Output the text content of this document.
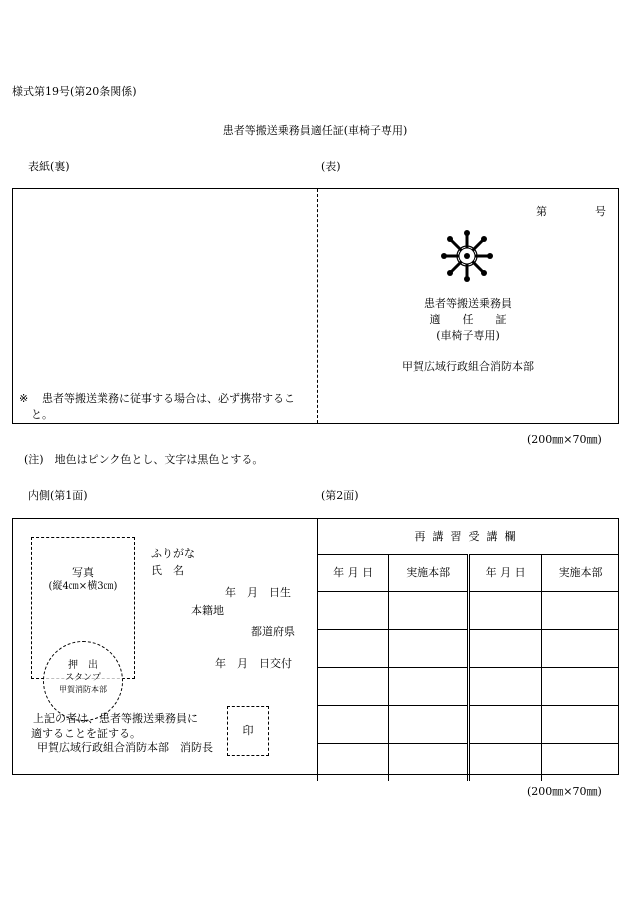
様式第19号(第20条関係)
患者等搬送乗務員適任証(車椅子専用)
表紙(裏)	(表)
第	号
患者等搬送乗務員
適　　任　　証
(車椅子専用)
甲賀広域行政組合消防本部
※ 患者等搬送業務に従事する場合は、必ず携帯するこ
と。
(200㎜×70㎜)
(注)　地色はピンク色とし、文字は黒色とする。
内側(第1面)	(第2面)
写真
(縦4㎝×横3㎝)
押　出
スタンプ
甲賀消防本部
ふりがな
氏　名
年　月　日生
本籍地
都道府県
年　月　日交付
上記の者は、患者等搬送乗務員に
適することを証する。
甲賀広域行政組合消防本部　消防長
印
再講習受講欄			
年 月 日	実施本部	年 月 日	実施本部

(200㎜×70㎜)
